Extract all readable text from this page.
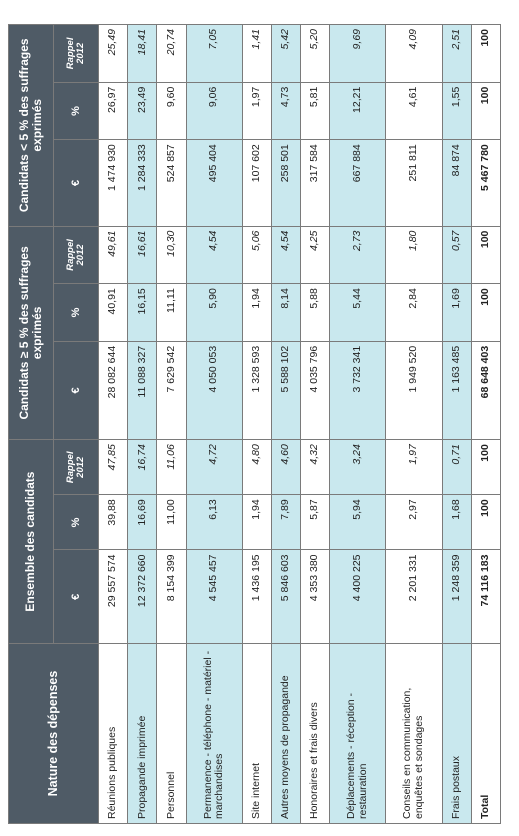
Nature des dépenses	Ensemble des candidats			Candidats ≥ 5 % des suffrages exprimés			Candidats < 5 % des suffrages exprimés		
	€	%	Rappel 2012	€	%	Rappel 2012	€	%	Rappel 2012
Réunions publiques	29 557 574	39,88	47,85	28 082 644	40,91	49,61	1 474 930	26,97	25,49
Propagande imprimée	12 372 660	16,69	16,74	11 088 327	16,15	16,61	1 284 333	23,49	18,41
Personnel	8 154 399	11,00	11,06	7 629 542	11,11	10,30	524 857	9,60	20,74
Permanence - téléphone - matériel - marchandises	4 545 457	6,13	4,72	4 050 053	5,90	4,54	495 404	9,06	7,05
Site internet	1 436 195	1,94	4,80	1 328 593	1,94	5,06	107 602	1,97	1,41
Autres moyens de propagande	5 846 603	7,89	4,60	5 588 102	8,14	4,54	258 501	4,73	5,42
Honoraires et frais divers	4 353 380	5,87	4,32	4 035 796	5,88	4,25	317 584	5,81	5,20
Déplacements - réception - restauration	4 400 225	5,94	3,24	3 732 341	5,44	2,73	667 884	12,21	9,69
Conseils en communication, enquêtes et sondages	2 201 331	2,97	1,97	1 949 520	2,84	1,80	251 811	4,61	4,09
Frais postaux	1 248 359	1,68	0,71	1 163 485	1,69	0,57	84 874	1,55	2,51
Total	74 116 183	100	100	68 648 403	100	100	5 467 780	100	100
